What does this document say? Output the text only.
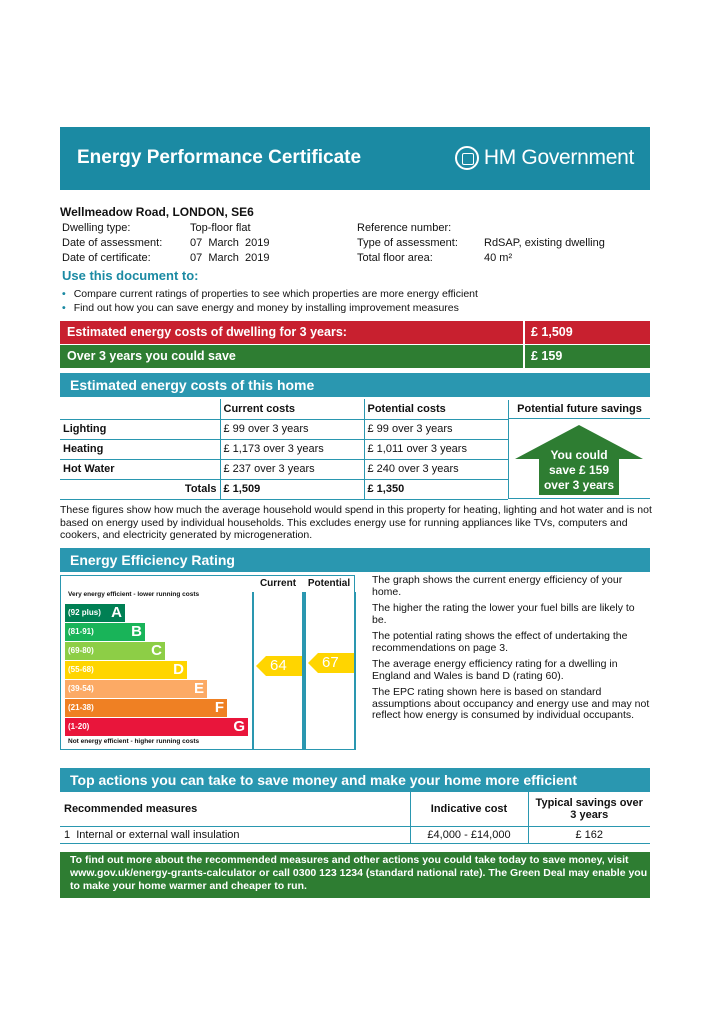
Energy Performance Certificate	HM Government
Wellmeadow Road, LONDON, SE6
Dwelling type:	Top-floor flat
Date of assessment:	07  March  2019
Date of certificate:	07  March  2019
Reference number:
Type of assessment: RdSAP, existing dwelling
Total floor area:	40 m²
Use this document to:
• Compare current ratings of properties to see which properties are more energy efficient
• Find out how you can save energy and money by installing improvement measures
Estimated energy costs of dwelling for 3 years:	£ 1,509
Over 3 years you could save	£ 159
Estimated energy costs of this home
	Current costs	Potential costs
Lighting	£ 99 over 3 years	£ 99 over 3 years
Heating	£ 1,173 over 3 years	£ 1,011 over 3 years
Hot Water	£ 237 over 3 years	£ 240 over 3 years
Totals	£ 1,509	£ 1,350
Potential future savings
You could
save £ 159
over 3 years
These figures show how much the average household would spend in this property for heating, lighting and hot water and is not based on energy used by individual households. This excludes energy use for running appliances like TVs, computers and cookers, and electricity generated by microgeneration.
Energy Efficiency Rating
Very energy efficient - lower running costs
(92 plus) A
(81-91) B
(69-80)	C
(55-68)	D
(39-54)	E
(21-38)	F
(1-20)	G
Not energy efficient - higher running costs
Current	Potential
64 67

The graph shows the current energy efficiency of your home.

The higher the rating the lower your fuel bills are likely to be.

The potential rating shows the effect of undertaking the recommendations on page 3.

The average energy efficiency rating for a dwelling in England and Wales is band D (rating 60).

The EPC rating shown here is based on standard assumptions about occupancy and energy use and may not reflect how energy is consumed by individual occupants.

Top actions you can take to save money and make your home more efficient
Recommended measures	Indicative cost	Typical savings over 3 years
1 Internal or external wall insulation	£4,000 - £14,000	£ 162
To find out more about the recommended measures and other actions you could take today to save money, visit www.gov.uk/energy-grants-calculator or call 0300 123 1234 (standard national rate). The Green Deal may enable you to make your home warmer and cheaper to run.
